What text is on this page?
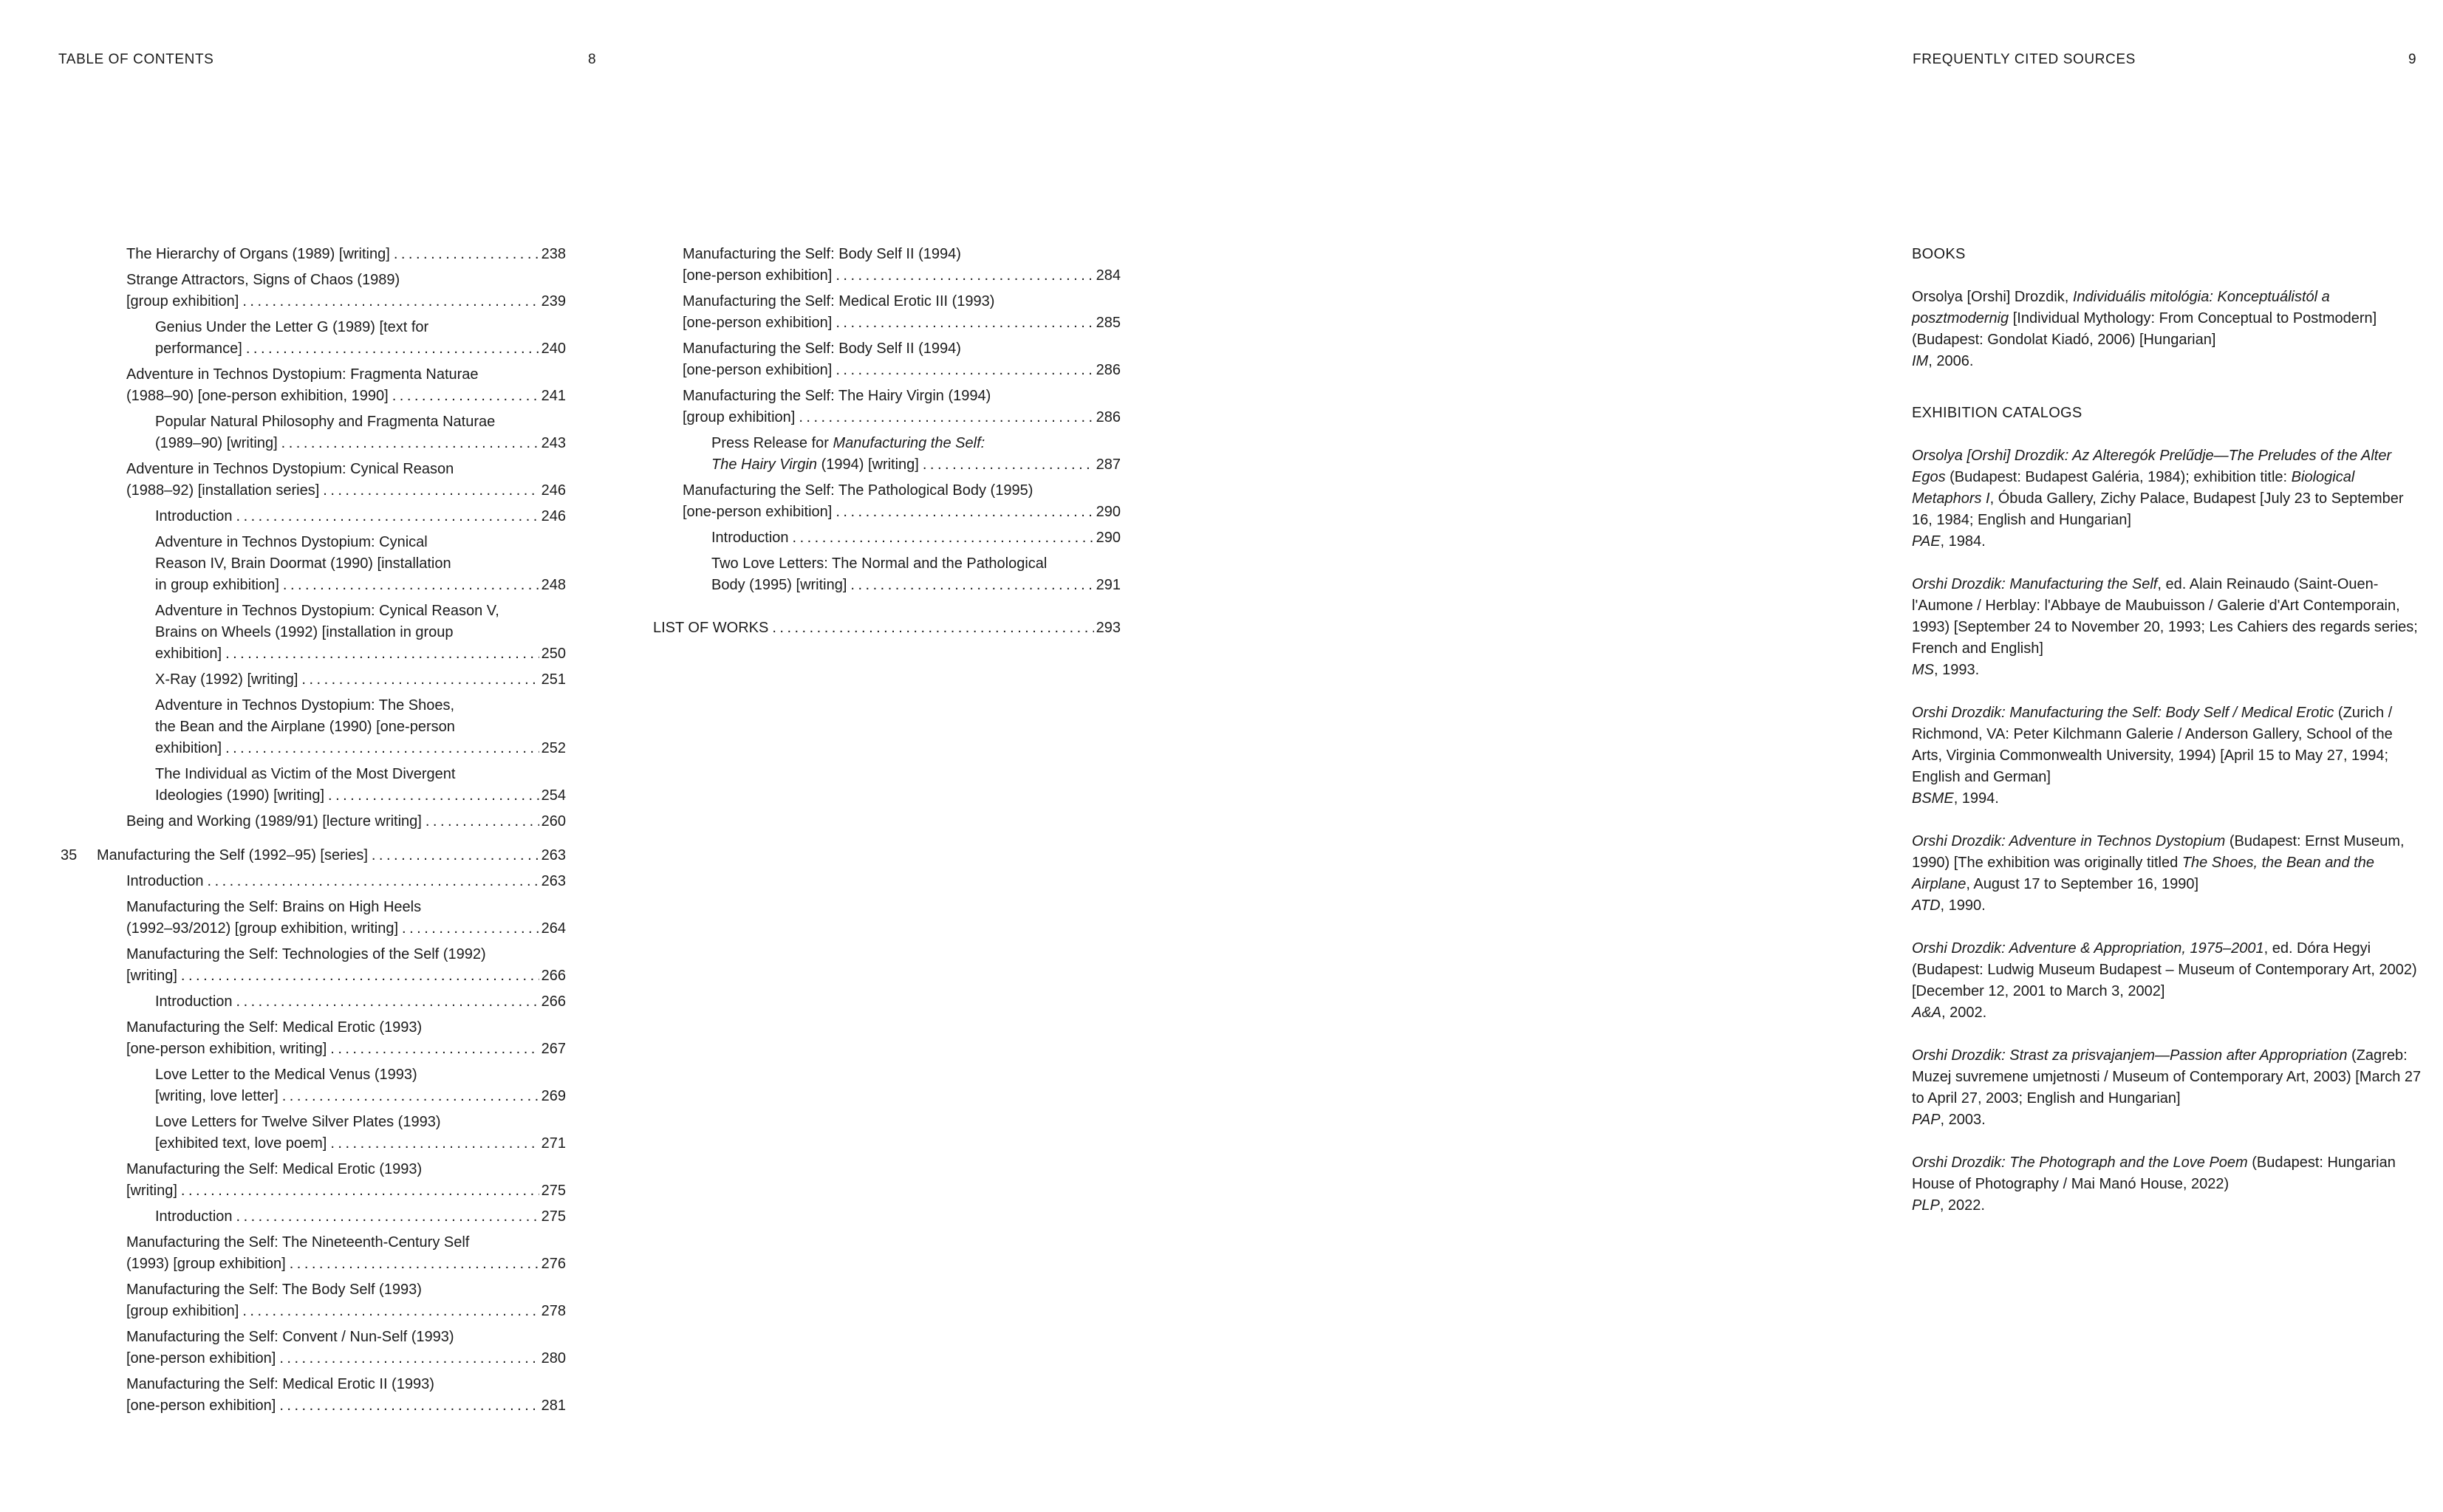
TABLE OF CONTENTS	8	FREQUENTLY CITED SOURCES	9
The Hierarchy of Organs (1989) [writing] .....	238
Strange Attractors, Signs of Chaos (1989)
[group exhibition] .....	239
Genius Under the Letter G (1989) [text for
performance] .....	240
Adventure in Technos Dystopium: Fragmenta Naturae
(1988–90) [one-person exhibition, 1990] .....	241
Popular Natural Philosophy and Fragmenta Naturae
(1989–90) [writing] .....	243
Adventure in Technos Dystopium: Cynical Reason
(1988–92) [installation series] .....	246
Introduction .....	246
Adventure in Technos Dystopium: Cynical
Reason IV, Brain Doormat (1990) [installation
in group exhibition] .....	248
Adventure in Technos Dystopium: Cynical Reason V,
Brains on Wheels (1992) [installation in group
exhibition] .....	250
X-Ray (1992) [writing] .....	251
Adventure in Technos Dystopium: The Shoes,
the Bean and the Airplane (1990) [one-person
exhibition] .....	252
The Individual as Victim of the Most Divergent
Ideologies (1990) [writing] .....	254
Being and Working (1989/91) [lecture writing] .....	260
35 Manufacturing the Self (1992–95) [series] .....	263
Introduction .....	263
Manufacturing the Self: Brains on High Heels
(1992–93/2012) [group exhibition, writing] .....	264
Manufacturing the Self: Technologies of the Self (1992)
[writing] .....	266
Introduction .....	266
Manufacturing the Self: Medical Erotic (1993)
[one-person exhibition, writing] .....	267
Love Letter to the Medical Venus (1993)
[writing, love letter] .....	269
Love Letters for Twelve Silver Plates (1993)
[exhibited text, love poem] .....	271
Manufacturing the Self: Medical Erotic (1993)
[writing] .....	275
Introduction .....	275
Manufacturing the Self: The Nineteenth-Century Self
(1993) [group exhibition] .....	276
Manufacturing the Self: The Body Self (1993)
[group exhibition] .....	278
Manufacturing the Self: Convent / Nun-Self (1993)
[one-person exhibition] .....	280
Manufacturing the Self: Medical Erotic II (1993)
[one-person exhibition] .....	281
Manufacturing the Self: Body Self II (1994)
[one-person exhibition] .....	284
Manufacturing the Self: Medical Erotic III (1993)
[one-person exhibition] .....	285
Manufacturing the Self: Body Self II (1994)
[one-person exhibition] .....	286
Manufacturing the Self: The Hairy Virgin (1994)
[group exhibition] .....	286
Press Release for Manufacturing the Self:
The Hairy Virgin (1994) [writing] .....	287
Manufacturing the Self: The Pathological Body (1995)
[one-person exhibition] .....	290
Introduction .....	290
Two Love Letters: The Normal and the Pathological
Body (1995) [writing] .....	291
LIST OF WORKS .....	293
BOOKS
Orsolya [Orshi] Drozdik, Individuális mitológia: Konceptuálistól a posztmodernig [Individual Mythology: From Conceptual to Postmodern] (Budapest: Gondolat Kiadó, 2006) [Hungarian]
IM, 2006.
EXHIBITION CATALOGS
Orsolya [Orshi] Drozdik: Az Alteregók Prelűdje—The Preludes of the Alter Egos (Budapest: Budapest Galéria, 1984); exhibition title: Biological Metaphors I, Óbuda Gallery, Zichy Palace, Budapest [July 23 to September 16, 1984; English and Hungarian]
PAE, 1984.
Orshi Drozdik: Manufacturing the Self, ed. Alain Reinaudo (Saint-Ouen-l'Aumone / Herblay: l'Abbaye de Maubuisson / Galerie d'Art Contemporain, 1993) [September 24 to November 20, 1993; Les Cahiers des regards series; French and English]
MS, 1993.
Orshi Drozdik: Manufacturing the Self: Body Self / Medical Erotic (Zurich / Richmond, VA: Peter Kilchmann Galerie / Anderson Gallery, School of the Arts, Virginia Commonwealth University, 1994) [April 15 to May 27, 1994; English and German]
BSME, 1994.
Orshi Drozdik: Adventure in Technos Dystopium (Budapest: Ernst Museum, 1990) [The exhibition was originally titled The Shoes, the Bean and the Airplane, August 17 to September 16, 1990]
ATD, 1990.
Orshi Drozdik: Adventure & Appropriation, 1975–2001, ed. Dóra Hegyi (Budapest: Ludwig Museum Budapest – Museum of Contemporary Art, 2002) [December 12, 2001 to March 3, 2002]
A&A, 2002.
Orshi Drozdik: Strast za prisvajanjem—Passion after Appropriation (Zagreb: Muzej suvremene umjetnosti / Museum of Contemporary Art, 2003) [March 27 to April 27, 2003; English and Hungarian]
PAP, 2003.
Orshi Drozdik: The Photograph and the Love Poem (Budapest: Hungarian House of Photography / Mai Manó House, 2022)
PLP, 2022.
